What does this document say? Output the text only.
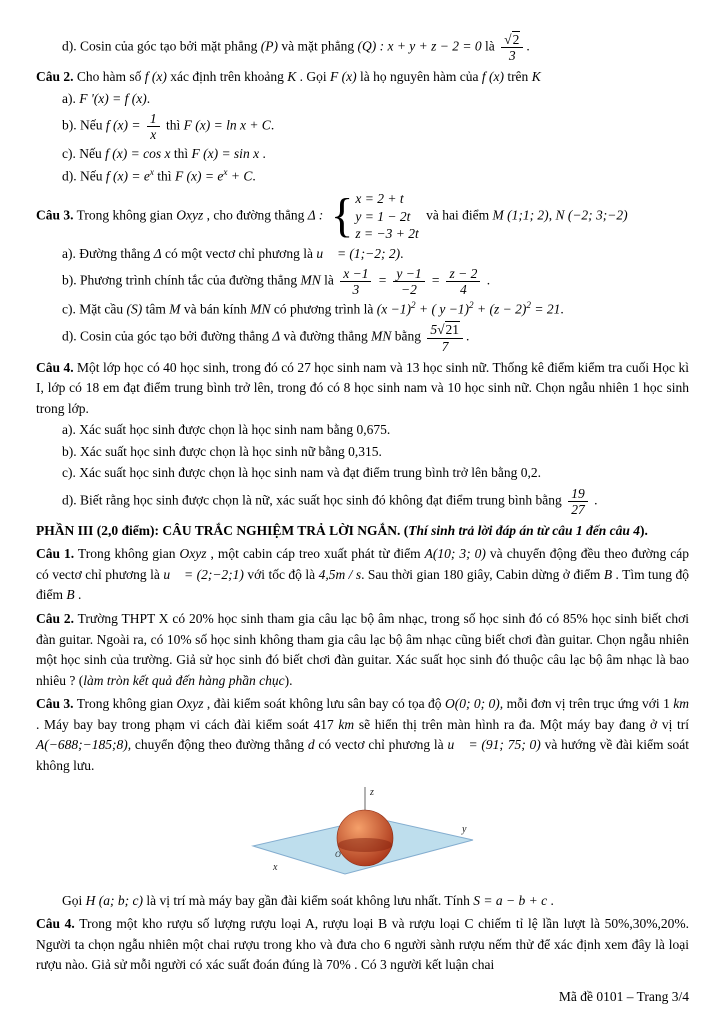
d). Cosin của góc tạo bởi mặt phẳng (P) và mặt phẳng (Q) : x + y + z − 2 = 0 là $\frac{√2}{3}$ .
Câu 2. Cho hàm số f (x) xác định trên khoảng K . Gọi F (x) là họ nguyên hàm của f (x) trên K
a). F '(x) = f (x).
b). Nếu f $(x) = \frac{1}{x}$ thì F (x) = ln x + C.
c). Nếu f (x) = cos x thì F (x) = sin x .
d). Nếu f $(x) = e^x$ thì F $(x) = e^x + C$.
Câu 3. Trong không gian Oxyz , cho đường thẳng Δ : { x = 2 + t
y = 1 − 2t
z = −3 + 2t
và hai điểm M (1;1; 2), N (−2; 3;−2)
a). Đường thẳng Δ có một vectơ chỉ phương là u⃗ = (1;−2; 2).
b). Phương trình chính tắc của đường thẳng MN là $\frac{x -1}{3} = \frac{y -1}{-2} = \frac{z - 2}{4}$ .
c). Mặt cầu (S) tâm M và bán kính MN có phương trình là $(x -1)^2$ + ( $y -1)^2 + (z - 2)^2 = 21$.
d). Cosin của góc tạo bởi đường thẳng Δ và đường thẳng MN bằng $\frac{5√21}{7}$ .
Câu 4. Một lớp học có 40 học sinh, trong đó có 27 học sinh nam và 13 học sinh nữ. Thống kê điểm kiểm tra cuối Học kì I, lớp có 18 em đạt điểm trung bình trở lên, trong đó có 8 học sinh nam và 10 học sinh nữ. Chọn ngẫu nhiên 1 học sinh trong lớp.
a). Xác suất học sinh được chọn là học sinh nam bằng 0,675.
b). Xác suất học sinh được chọn là học sinh nữ bằng 0,315.
c). Xác suất học sinh được chọn là học sinh nam và đạt điểm trung bình trở lên bằng 0,2.
d). Biết rằng học sinh được chọn là nữ, xác suất học sinh đó không đạt điểm trung bình bằng $\frac{19}{27}$ .
PHẦN III (2,0 điểm): CÂU TRẮC NGHIỆM TRẢ LỜI NGẮN. (Thí sinh trả lời đáp án từ câu 1 đến câu 4).
Câu 1. Trong không gian Oxyz , một cabin cáp treo xuất phát từ điểm A(10; 3; 0) và chuyển động đều theo đường cáp có vectơ chỉ phương là u⃗ = (2;−2;1) với tốc độ là 4,5m / s. Sau thời gian 180 giây, Cabin dừng ở điểm B . Tìm tung độ điểm B .
Câu 2. Trường THPT X có 20% học sinh tham gia câu lạc bộ âm nhạc, trong số học sinh đó có 85% học sinh biết chơi đàn guitar. Ngoài ra, có 10% số học sinh không tham gia câu lạc bộ âm nhạc cũng biết chơi đàn guitar. Chọn ngẫu nhiên một học sinh của trường. Giả sử học sinh đó biết chơi đàn guitar. Xác suất học sinh đó thuộc câu lạc bộ âm nhạc là bao nhiêu ? (làm tròn kết quả đến hàng phần chục).
Câu 3. Trong không gian Oxyz , đài kiểm soát không lưu sân bay có tọa độ O(0; 0; 0), mỗi đơn vị trên trục ứng với 1 km . Máy bay bay trong phạm vi cách đài kiểm soát 417 km sẽ hiển thị trên màn hình ra đa. Một máy bay đang ở vị trí A(−688;−185;8), chuyển động theo đường thẳng d có vectơ chỉ phương là u⃗ = (91; 75; 0) và hướng về đài kiểm soát không lưu.
z
x
y
O
Gọi H (a; b; c) là vị trí mà máy bay gần đài kiểm soát không lưu nhất. Tính S = a − b + c .
Câu 4. Trong một kho rượu số lượng rượu loại A, rượu loại B và rượu loại C chiếm tỉ lệ lần lượt là 50%,30%,20%. Người ta chọn ngẫu nhiên một chai rượu trong kho và đưa cho 6 người sành rượu nếm thử để xác định xem đây là loại rượu nào. Giả sử mỗi người có xác suất đoán đúng là 70% . Có 3 người kết luận chai
Mã đề 0101 – Trang 3/4
